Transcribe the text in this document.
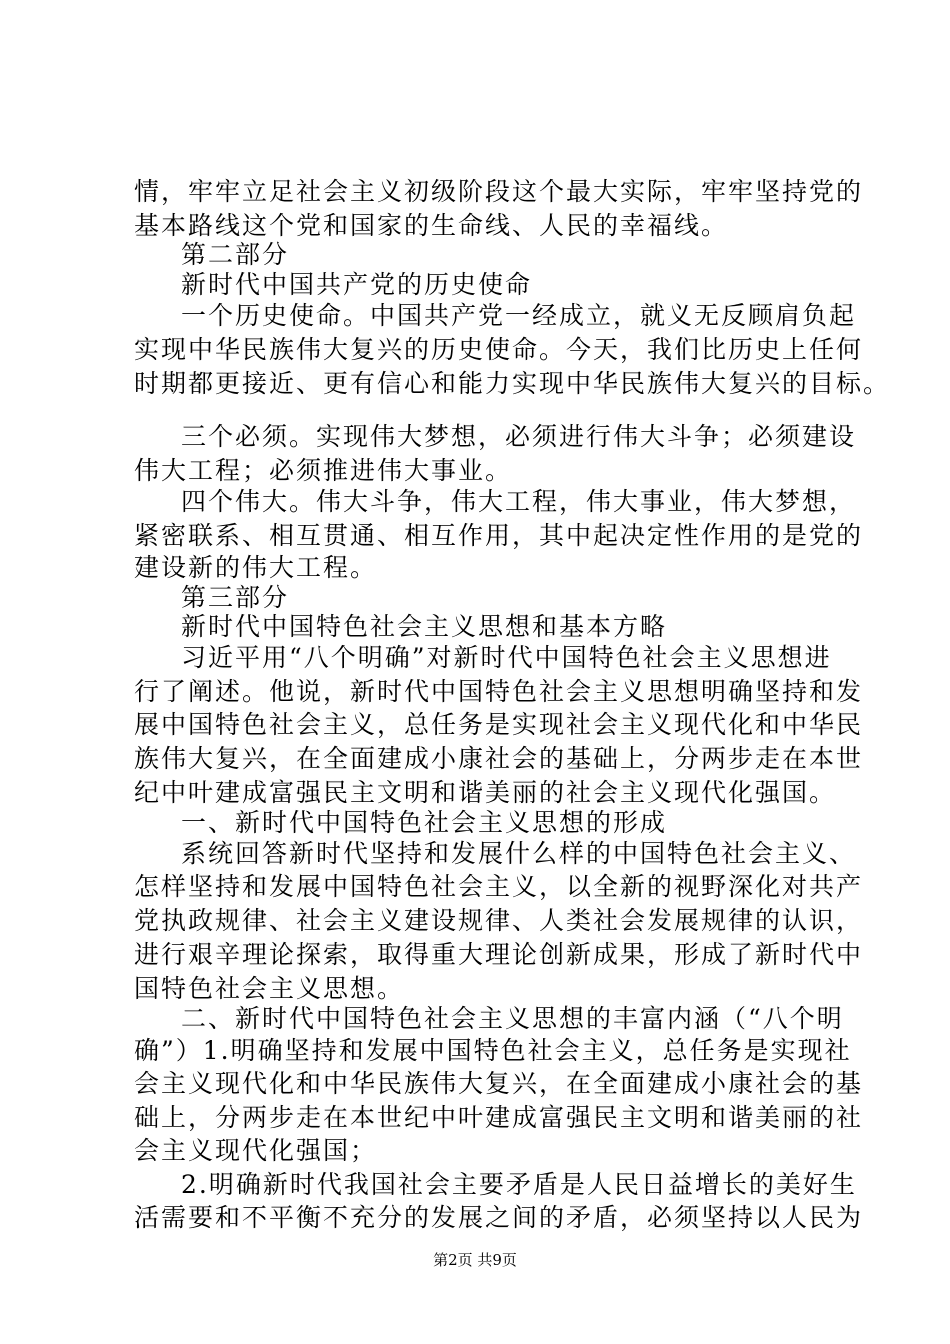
情，牢牢立足社会主义初级阶段这个最大实际，牢牢坚持党的
基本路线这个党和国家的生命线、人民的幸福线。
第二部分
新时代中国共产党的历史使命
一个历史使命。中国共产党一经成立，就义无反顾肩负起
实现中华民族伟大复兴的历史使命。今天，我们比历史上任何
时期都更接近、更有信心和能力实现中华民族伟大复兴的目标。
三个必须。实现伟大梦想，必须进行伟大斗争；必须建设
伟大工程；必须推进伟大事业。
四个伟大。伟大斗争，伟大工程，伟大事业，伟大梦想，
紧密联系、相互贯通、相互作用，其中起决定性作用的是党的
建设新的伟大工程。
第三部分
新时代中国特色社会主义思想和基本方略
习近平用“八个明确”对新时代中国特色社会主义思想进
行了阐述。他说，新时代中国特色社会主义思想明确坚持和发
展中国特色社会主义，总任务是实现社会主义现代化和中华民
族伟大复兴，在全面建成小康社会的基础上，分两步走在本世
纪中叶建成富强民主文明和谐美丽的社会主义现代化强国。
一、新时代中国特色社会主义思想的形成
系统回答新时代坚持和发展什么样的中国特色社会主义、
怎样坚持和发展中国特色社会主义，以全新的视野深化对共产
党执政规律、社会主义建设规律、人类社会发展规律的认识，
进行艰辛理论探索，取得重大理论创新成果，形成了新时代中
国特色社会主义思想。
二、新时代中国特色社会主义思想的丰富内涵（“八个明
确”）1.明确坚持和发展中国特色社会主义，总任务是实现社
会主义现代化和中华民族伟大复兴，在全面建成小康社会的基
础上，分两步走在本世纪中叶建成富强民主文明和谐美丽的社
会主义现代化强国；
2.明确新时代我国社会主要矛盾是人民日益增长的美好生
活需要和不平衡不充分的发展之间的矛盾，必须坚持以人民为
第2页 共9页
